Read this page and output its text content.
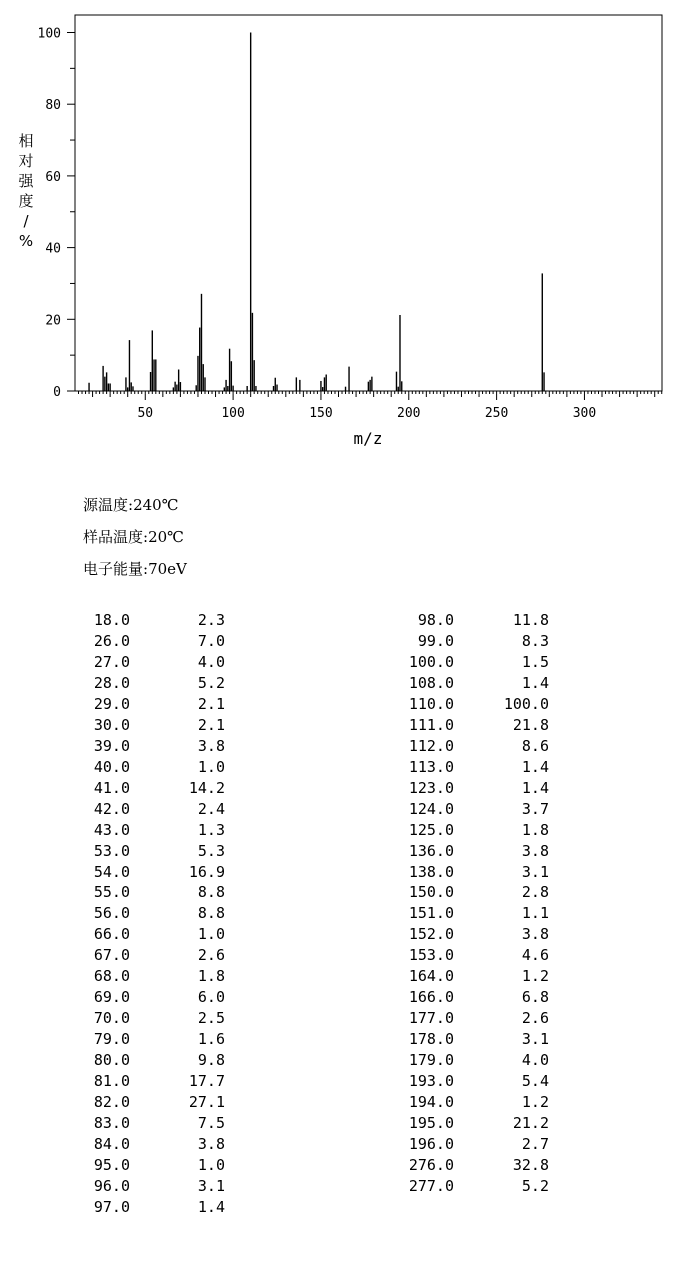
50	100	150	200	250	300
0
20
40
60
80
100
m/z
相对强度/ %
源温度:240℃
样品温度:20℃
电子能量:70eV
18.0	2.3
26.0	7.0
27.0	4.0
28.0	5.2
29.0	2.1
30.0	2.1
39.0	3.8
40.0	1.0
41.0	14.2
42.0	2.4
43.0	1.3
53.0	5.3
54.0	16.9
55.0	8.8
56.0	8.8
66.0	1.0
67.0	2.6
68.0	1.8
69.0	6.0
70.0	2.5
79.0	1.6
80.0	9.8
81.0	17.7
82.0	27.1
83.0	7.5
84.0	3.8
95.0	1.0
96.0	3.1
97.0	1.4
98.0	11.8
99.0	8.3
100.0	1.5
108.0	1.4
110.0	100.0
111.0	21.8
112.0	8.6
113.0	1.4
123.0	1.4
124.0	3.7
125.0	1.8
136.0	3.8
138.0	3.1
150.0	2.8
151.0	1.1
152.0	3.8
153.0	4.6
164.0	1.2
166.0	6.8
177.0	2.6
178.0	3.1
179.0	4.0
193.0	5.4
194.0	1.2
195.0	21.2
196.0	2.7
276.0	32.8
277.0	5.2
